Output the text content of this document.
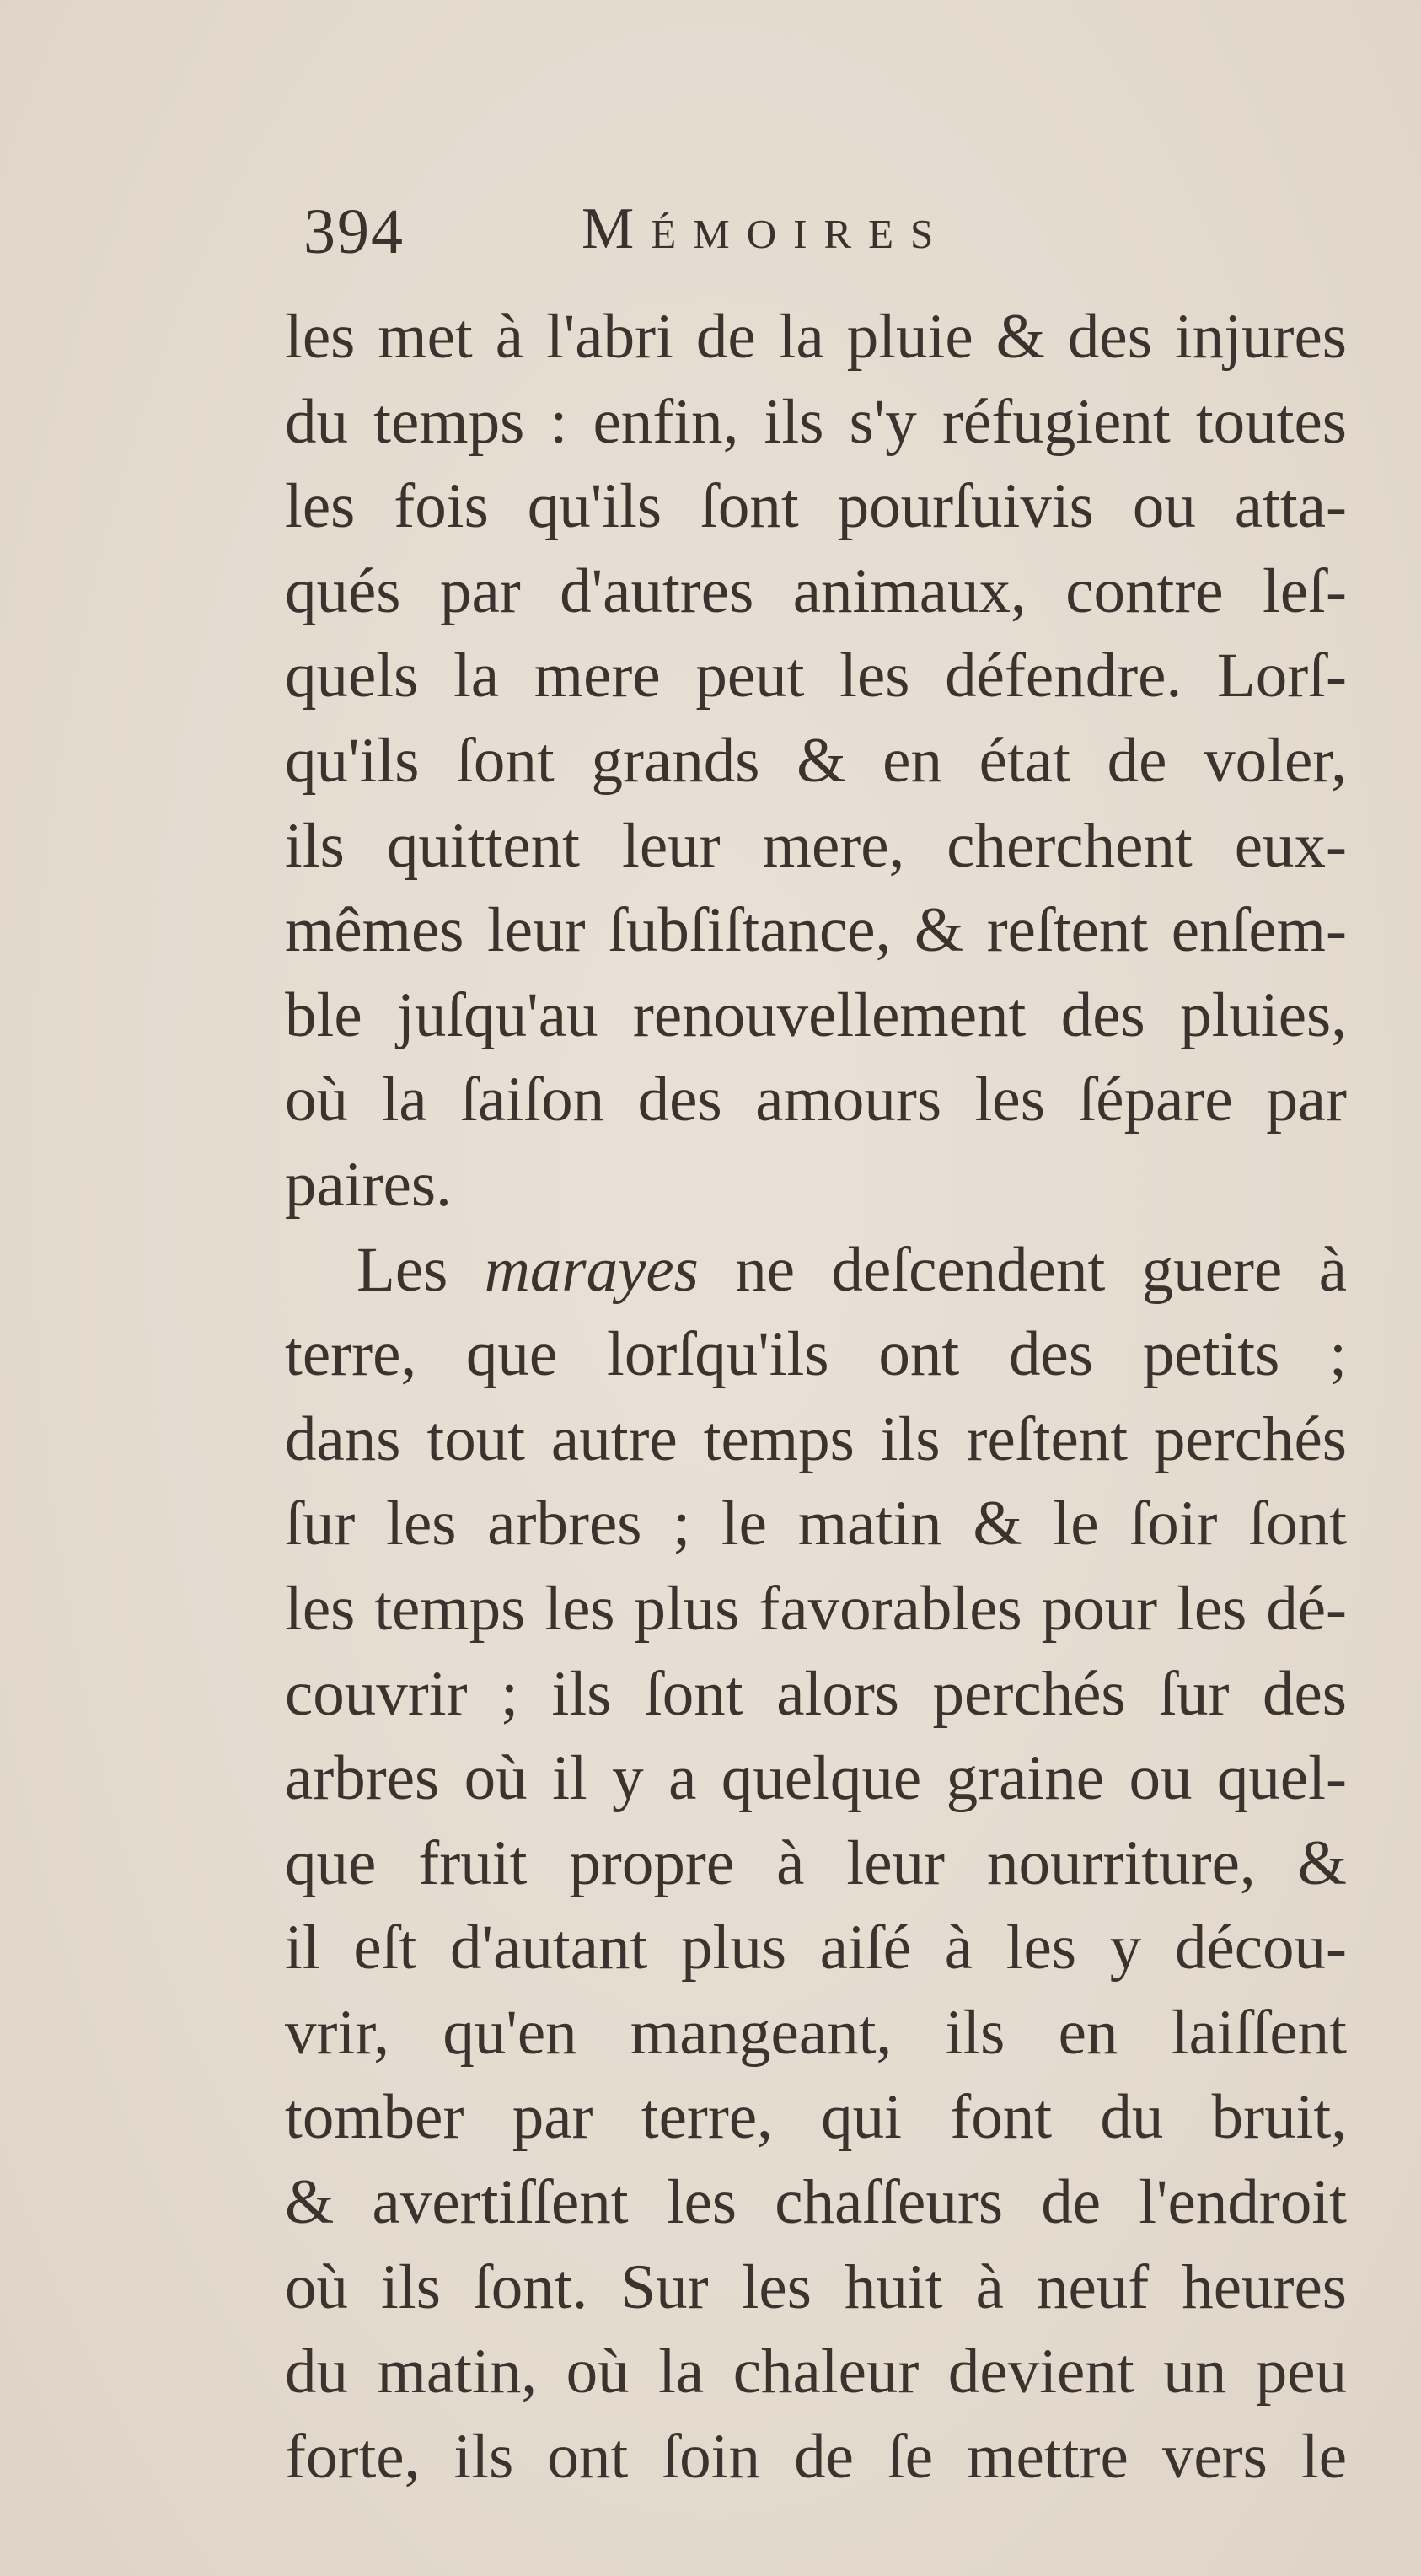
394	Mémoires
les met à l'abri de la pluie & des injures
du temps : enfin, ils s'y réfugient toutes
les fois qu'ils ſont pourſuivis ou atta-
qués par d'autres animaux, contre leſ-
quels la mere peut les défendre. Lorſ-
qu'ils ſont grands & en état de voler,
ils quittent leur mere, cherchent eux-
mêmes leur ſubſiſtance, & reſtent enſem-
ble juſqu'au renouvellement des pluies,
où la ſaiſon des amours les ſépare par
paires.
Les marayes ne deſcendent guere à
terre, que lorſqu'ils ont des petits ;
dans tout autre temps ils reſtent perchés
ſur les arbres ; le matin & le ſoir ſont
les temps les plus favorables pour les dé-
couvrir ; ils ſont alors perchés ſur des
arbres où il y a quelque graine ou quel-
que fruit propre à leur nourriture, &
il eſt d'autant plus aiſé à les y décou-
vrir, qu'en mangeant, ils en laiſſent
tomber par terre, qui font du bruit,
& avertiſſent les chaſſeurs de l'endroit
où ils ſont. Sur les huit à neuf heures
du matin, où la chaleur devient un peu
forte, ils ont ſoin de ſe mettre vers le
